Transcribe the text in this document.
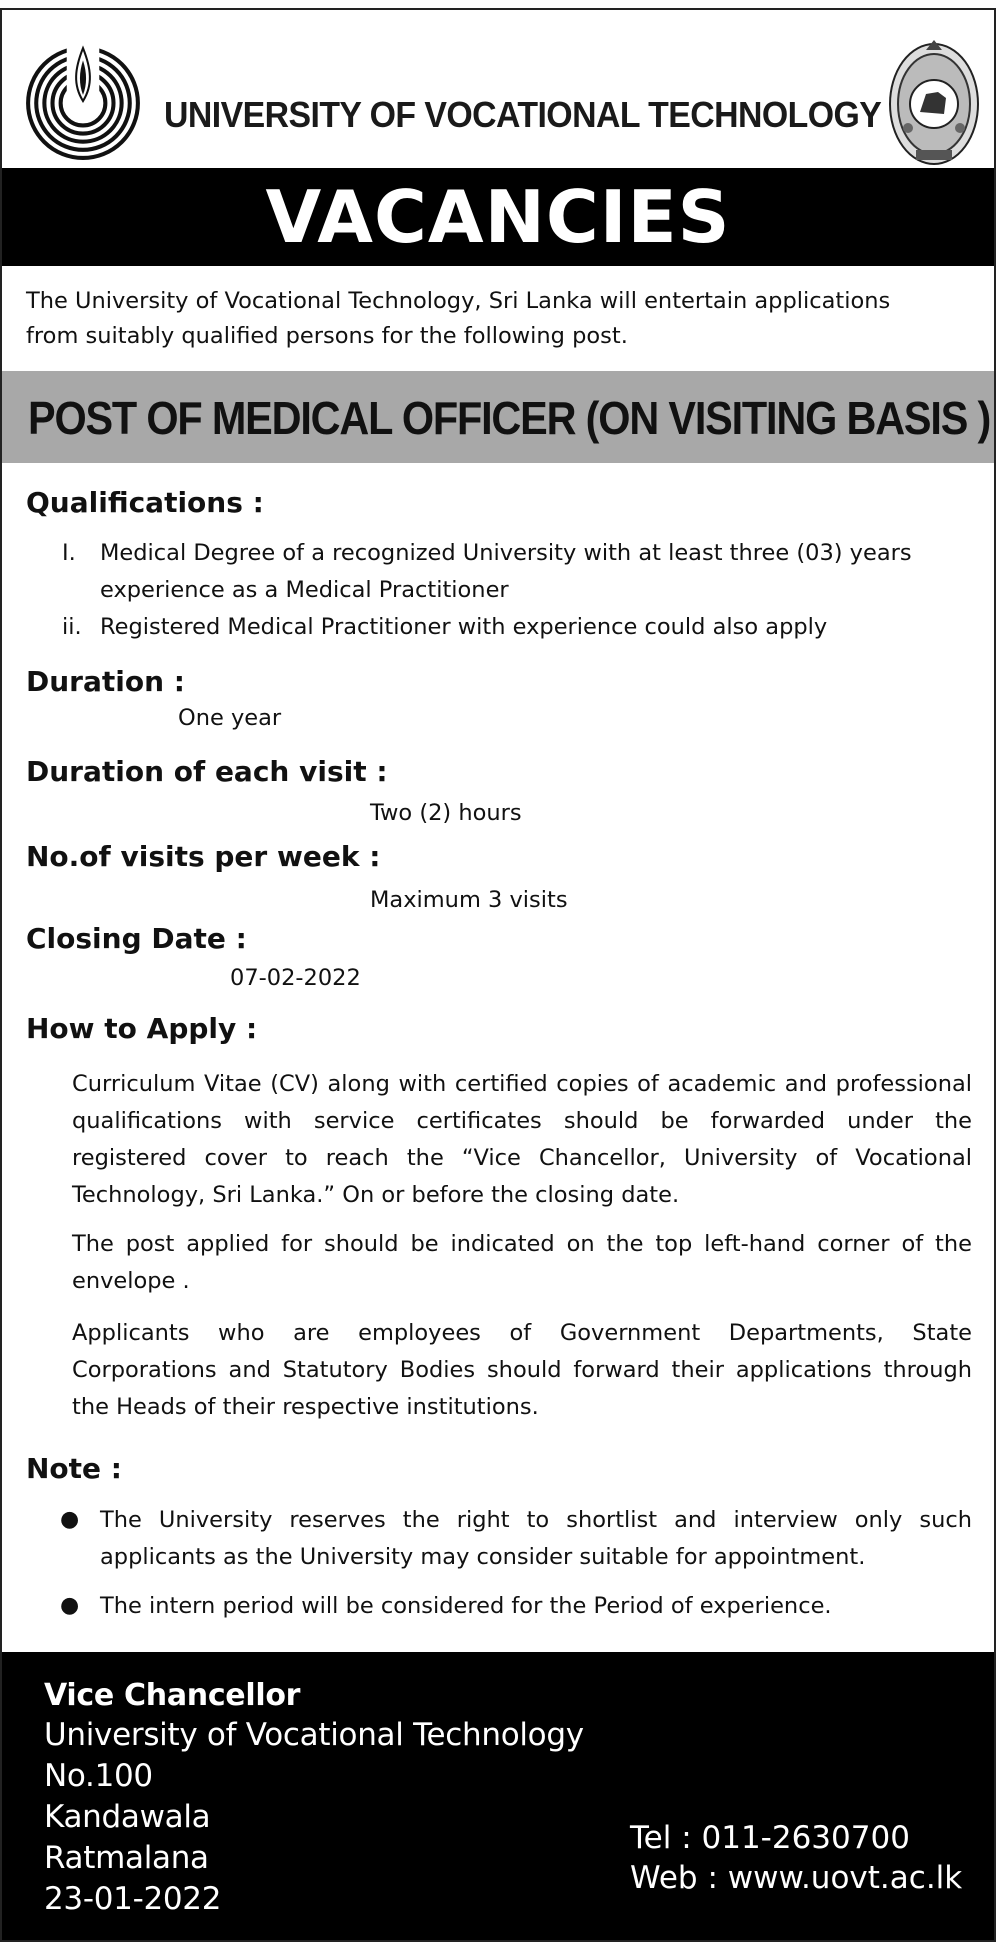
UNIVERSITY OF VOCATIONAL TECHNOLOGY
VACANCIES
The University of Vocational Technology, Sri Lanka will entertain applications
from suitably qualified persons for the following post.
POST OF MEDICAL OFFICER (ON VISITING BASIS )
Qualifications :
I. Medical Degree of a recognized University with at least three (03) years
experience as a Medical Practitioner
ii. Registered Medical Practitioner with experience could also apply
Duration :
One year
Duration of each visit :
Two (2) hours
No.of visits per week :
Maximum 3 visits
Closing Date :
07-02-2022
How to Apply :
Curriculum Vitae (CV) along with certified copies of academic and professional qualifications with service certificates should be forwarded under the registered cover to reach the “Vice Chancellor, University of Vocational Technology, Sri Lanka.” On or before the closing date.
The post applied for should be indicated on the top left-hand corner of the envelope .
Applicants who are employees of Government Departments, State Corporations and Statutory Bodies should forward their applications through the Heads of their respective institutions.
Note :
● The University reserves the right to shortlist and interview only such applicants as the University may consider suitable for appointment.
● The intern period will be considered for the Period of experience.
Vice Chancellor
University of Vocational Technology
No.100
Kandawala
Ratmalana
23-01-2022
Tel : 011-2630700
Web : www.uovt.ac.lk
